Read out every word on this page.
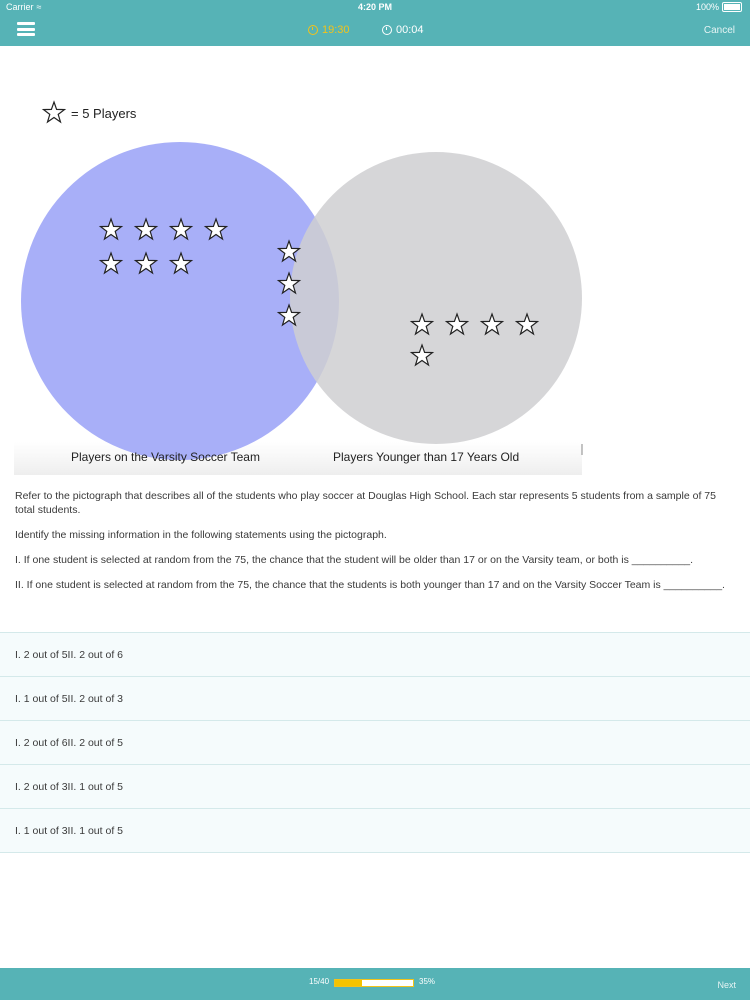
Carrier ≈	4:20 PM	100%
19:30	00:04	Cancel
= 5 Players
Players on the Varsity Soccer Team	Players Younger than 17 Years Old

Refer to the pictograph that describes all of the students who play soccer at Douglas High School. Each star represents 5 students from a sample of 75 total students.

Identify the missing information in the following statements using the pictograph.

I. If one student is selected at random from the 75, the chance that the student will be older than 17 or on the Varsity team, or both is __________.

II. If one student is selected at random from the 75, the chance that the students is both younger than 17 and on the Varsity Soccer Team is __________.

I. 2 out of 5II. 2 out of 6
I. 1 out of 5II. 2 out of 3
I. 2 out of 6II. 2 out of 5
I. 2 out of 3II. 1 out of 5
I. 1 out of 3II. 1 out of 5
15/40	35%	Next
